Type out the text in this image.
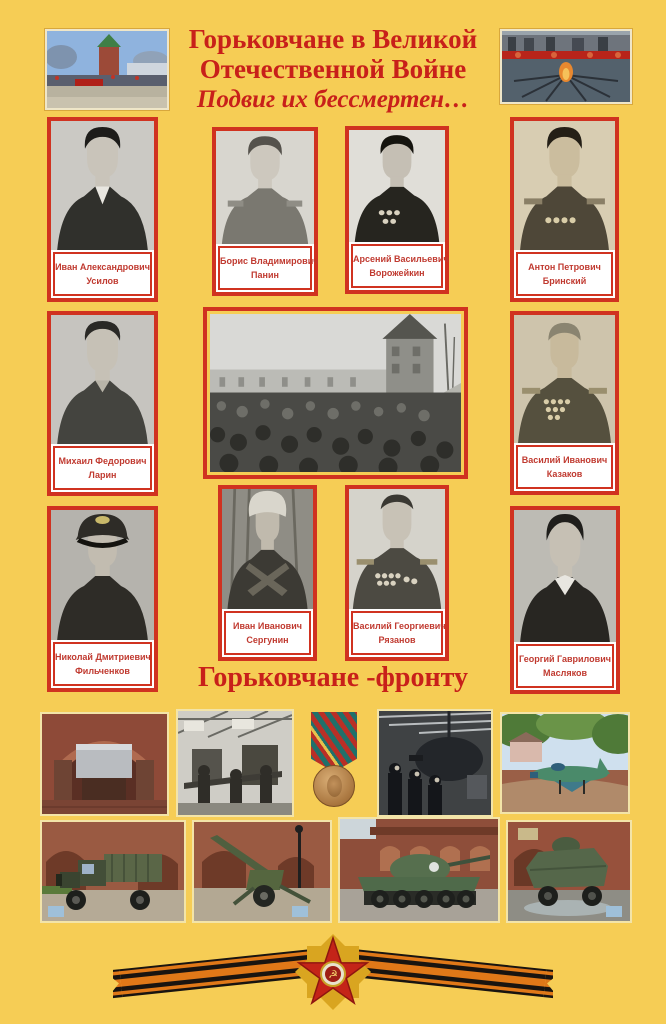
Горьковчане в Великой
Отечественной Войне
Подвиг их бессмертен…
Иван Александрович
Усилов
Борис Владимирович
Панин
Арсений Васильевич
Ворожейкин
Антон Петрович
Бринский
Михаил Федорович
Ларин
Василий Иванович
Казаков
Николай Дмитриевич
Фильченков
Иван Иванович
Сергунин
Василий Георгиевич
Рязанов
Георгий Гаврилович
Масляков
Горьковчане -фронту
☭
